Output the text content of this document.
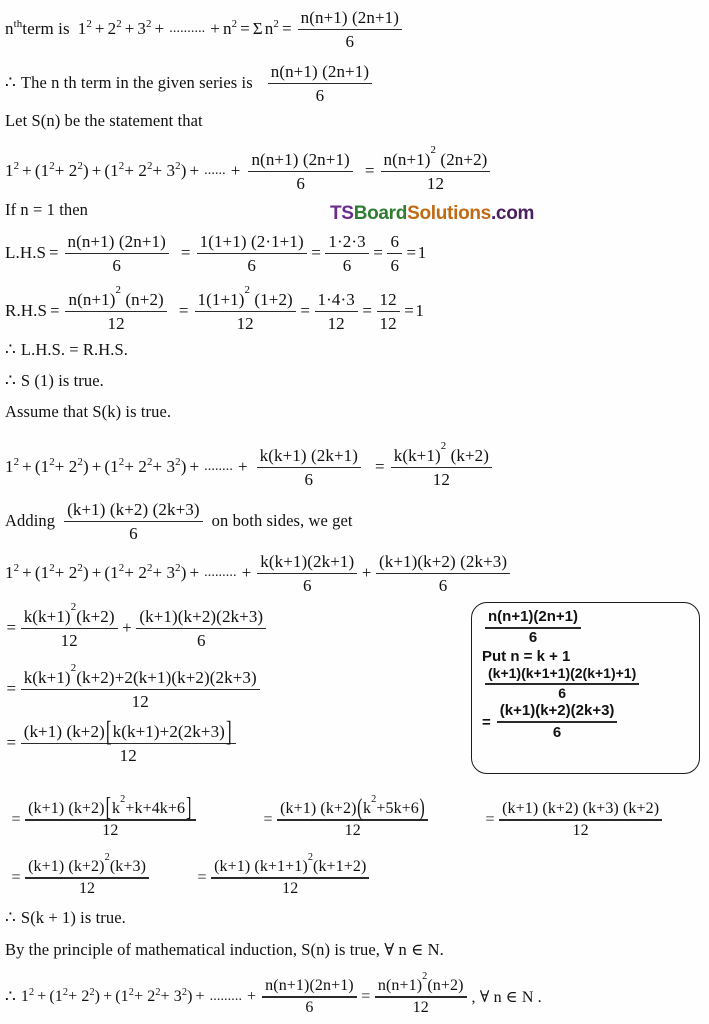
$n^{th}$ term is $1^2 + 2^2 + 3^2$ + .......... + $n^2 = \Sigma$ $n^2 = \frac{n(n+1) (2n+1)}{6}$
∴ The n th term in the given series is $\frac{n(n+1) (2n+1)}{6}$
Let S(n) be the statement that
$1^2 + (1^2 + 2^2$ ) + ($1^2 + 2^2 + 3^2$ ) + ...... + $\frac{n(n+1) (2n+1)}{6} = \frac{n(n+1)^2 (2n+2)}{12}$
If n = 1 then	TSBoardSolutions.com
$L.H.S = \frac{n(n+1) (2n+1)}{6} = \frac{1(1+1) (2\cdot 1+1)}{6} = \frac{1\cdot 2\cdot 3}{6} = \frac{6}{6} = 1$
$R.H.S = \frac{n(n+1)^2 (n+2)}{12} = \frac{1(1+1)^2 (1+2)}{12} = \frac{1\cdot 4\cdot 3}{12} = \frac{12}{12} = 1$
∴ L.H.S. = R.H.S.
∴ S (1) is true.
Assume that S(k) is true.
$1^2 + (1^2 + 2^2$ ) + ($1^2 + 2^2 + 3^2$ ) + ........ + $\frac{k(k+1) (2k+1)}{6} = \frac{k(k+1)^2 (k+2)}{12}$
Adding $\frac{(k+1) (k+2) (2k+3)}{6}$ on both sides, we get
$1^2 + (1^2 + 2^2$ ) + ($1^2 + 2^2 + 3^2$ ) + ......... + $\frac{k(k+1)(2k+1)}{6} + \frac{(k+1)(k+2) (2k+3)}{6}$
$\frac{n(n+1)(2n+1)}{6}$
Put n = k + 1
$\frac{(k+1)(k+1+1)(2(k+1)+1)}{6}$
= $\frac{(k+1)(k+2)(2k+3)}{6}$
= $\frac{k(k+1)^2(k+2)}{12} + \frac{(k+1)(k+2)(2k+3)}{6}$
= $\frac{k(k+1)^2(k+2)+2(k+1)(k+2)(2k+3)}{12}$
= $\frac{(k+1) (k+2)[k(k+1)+2(2k+3)]}{12}$
= $\frac{(k+1) (k+2)[k^2+k+4k+6]}{12}$	= $\frac{(k+1) (k+2)(k^2+5k+6)}{12}$	= $\frac{(k+1) (k+2) (k+3) (k+2)}{12}$
= $\frac{(k+1) (k+2)^2(k+3)}{12}$	= $\frac{(k+1) (k+1+1)^2(k+1+2)}{12}$
∴ S(k + 1) is true.
By the principle of mathematical induction, S(n) is true, ∀ n ∈ N.
∴ $1^2 + (1^2 + 2^2$ ) + ($1^2 + 2^2 + 3^2$ ) + ......... + $\frac{n(n+1)(2n+1)}{6} = \frac{n(n+1)^2(n+2)}{12}$ , ∀ n ∈ N .
